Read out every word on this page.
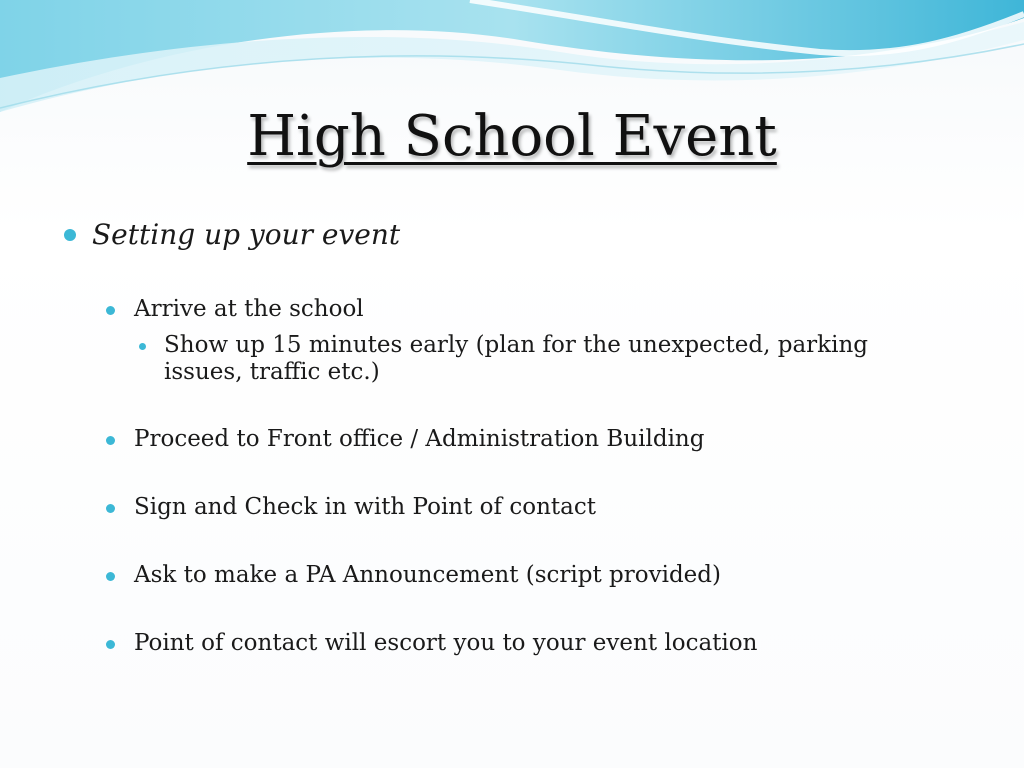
High School Event
Setting up your event
Arrive at the school
Show up 15 minutes early (plan for the unexpected, parking issues, traffic etc.)
Proceed to Front office / Administration Building
Sign and Check in with Point of contact
Ask to make a PA Announcement (script provided)
Point of contact will escort you to your event location
